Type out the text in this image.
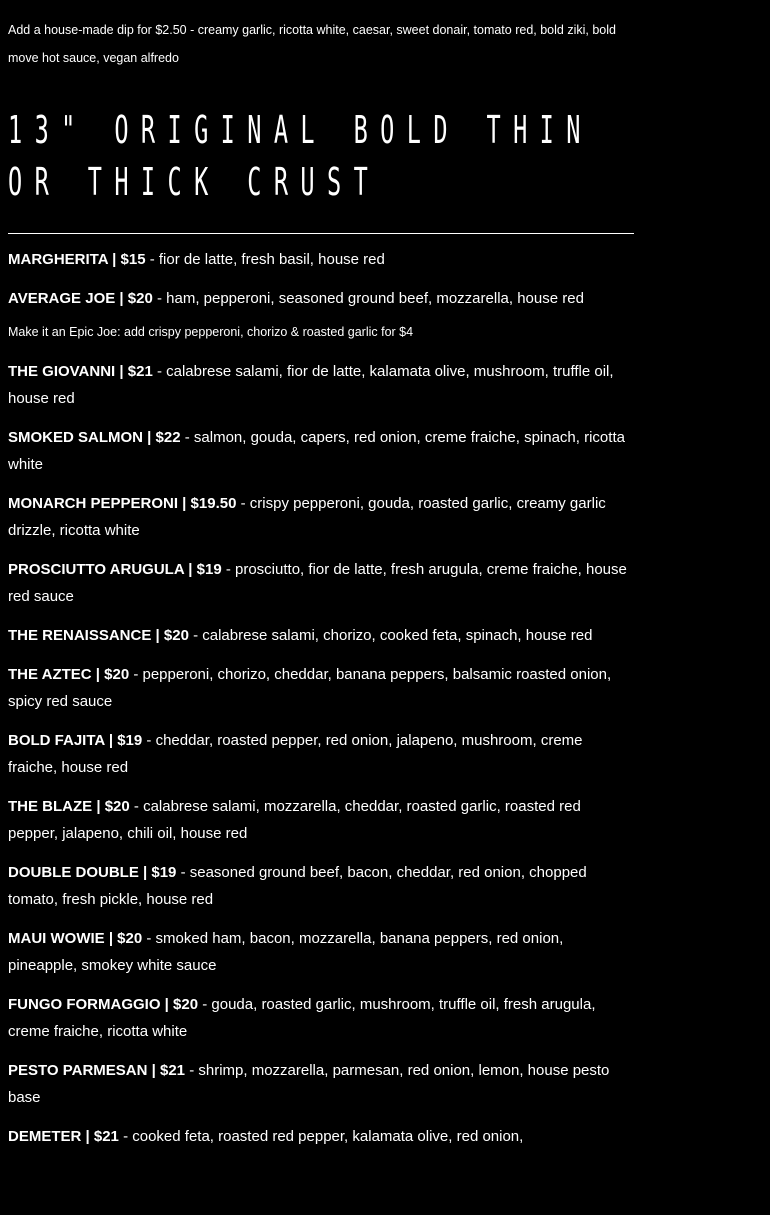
Add a house-made dip for $2.50 - creamy garlic, ricotta white, caesar, sweet donair, tomato red, bold ziki, bold move hot sauce, vegan alfredo
13" ORIGINAL BOLD THIN OR THICK CRUST

MARGHERITA | $15 - fior de latte, fresh basil, house red

AVERAGE JOE | $20 - ham, pepperoni, seasoned ground beef, mozzarella, house red

Make it an Epic Joe: add crispy pepperoni, chorizo & roasted garlic for $4

THE GIOVANNI | $21 - calabrese salami, fior de latte, kalamata olive, mushroom, truffle oil, house red

SMOKED SALMON | $22 - salmon, gouda, capers, red onion, creme fraiche, spinach, ricotta white

MONARCH PEPPERONI | $19.50 - crispy pepperoni, gouda, roasted garlic, creamy garlic drizzle, ricotta white

PROSCIUTTO ARUGULA | $19 - prosciutto, fior de latte, fresh arugula, creme fraiche, house red sauce

THE RENAISSANCE | $20 - calabrese salami, chorizo, cooked feta, spinach, house red

THE AZTEC | $20 - pepperoni, chorizo, cheddar, banana peppers, balsamic roasted onion, spicy red sauce

BOLD FAJITA | $19 - cheddar, roasted pepper, red onion, jalapeno, mushroom, creme fraiche, house red

THE BLAZE | $20 - calabrese salami, mozzarella, cheddar, roasted garlic, roasted red pepper, jalapeno, chili oil, house red

DOUBLE DOUBLE | $19 - seasoned ground beef, bacon, cheddar, red onion, chopped tomato, fresh pickle, house red

MAUI WOWIE | $20 - smoked ham, bacon, mozzarella, banana peppers, red onion, pineapple, smokey white sauce

FUNGO FORMAGGIO | $20 - gouda, roasted garlic, mushroom, truffle oil, fresh arugula, creme fraiche, ricotta white

PESTO PARMESAN | $21 - shrimp, mozzarella, parmesan, red onion, lemon, house pesto base

DEMETER | $21 - cooked feta, roasted red pepper, kalamata olive, red onion,
